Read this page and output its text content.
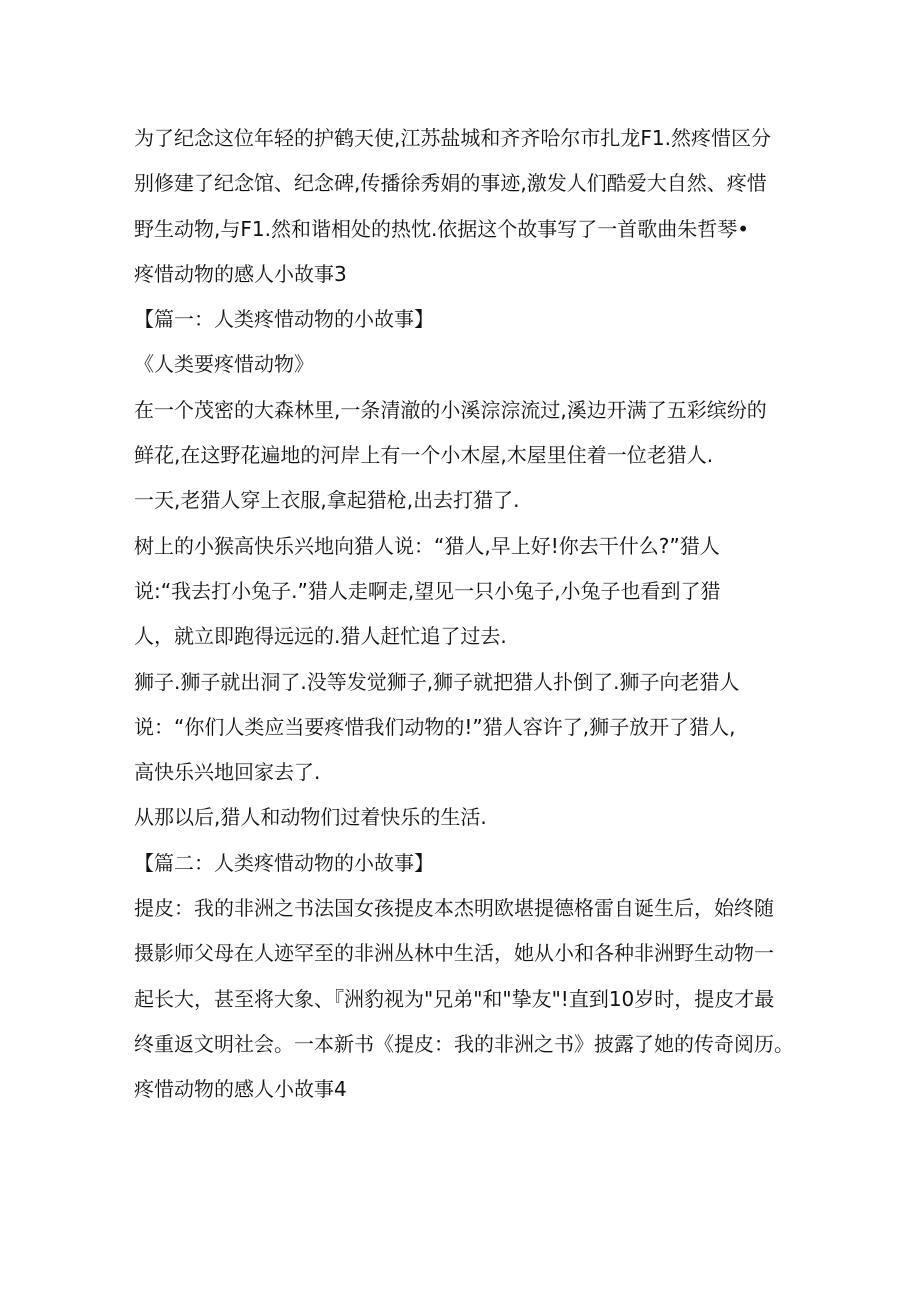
为了纪念这位年轻的护鹤天使,江苏盐城和齐齐哈尔市扎龙F1.然疼惜区分
别修建了纪念馆、纪念碑,传播徐秀娟的事迹,激发人们酷爱大自然、疼惜
野生动物,与F1.然和谐相处的热忱.依据这个故事写了一首歌曲朱哲琴•
疼惜动物的感人小故事3
【篇一：人类疼惜动物的小故事】
《人类要疼惜动物》
在一个茂密的大森林里,一条清澈的小溪淙淙流过,溪边开满了五彩缤纷的
鲜花,在这野花遍地的河岸上有一个小木屋,木屋里住着一位老猎人.
一天,老猎人穿上衣服,拿起猎枪,出去打猎了.
树上的小猴高快乐兴地向猎人说：“猎人,早上好!你去干什么?”猎人
说:“我去打小兔子.”猎人走啊走,望见一只小兔子,小兔子也看到了猎
人，就立即跑得远远的.猎人赶忙追了过去.
狮子.狮子就出洞了.没等发觉狮子,狮子就把猎人扑倒了.狮子向老猎人
说：“你们人类应当要疼惜我们动物的!”猎人容许了,狮子放开了猎人,
高快乐兴地回家去了.
从那以后,猎人和动物们过着快乐的生活.
【篇二：人类疼惜动物的小故事】
提皮：我的非洲之书法国女孩提皮本杰明欧堪提德格雷自诞生后，始终随
摄影师父母在人迹罕至的非洲丛林中生活，她从小和各种非洲野生动物一
起长大，甚至将大象、『洲豹视为"兄弟"和"挚友"!直到10岁时，提皮才最
终重返文明社会。一本新书《提皮：我的非洲之书》披露了她的传奇阅历。
疼惜动物的感人小故事4
